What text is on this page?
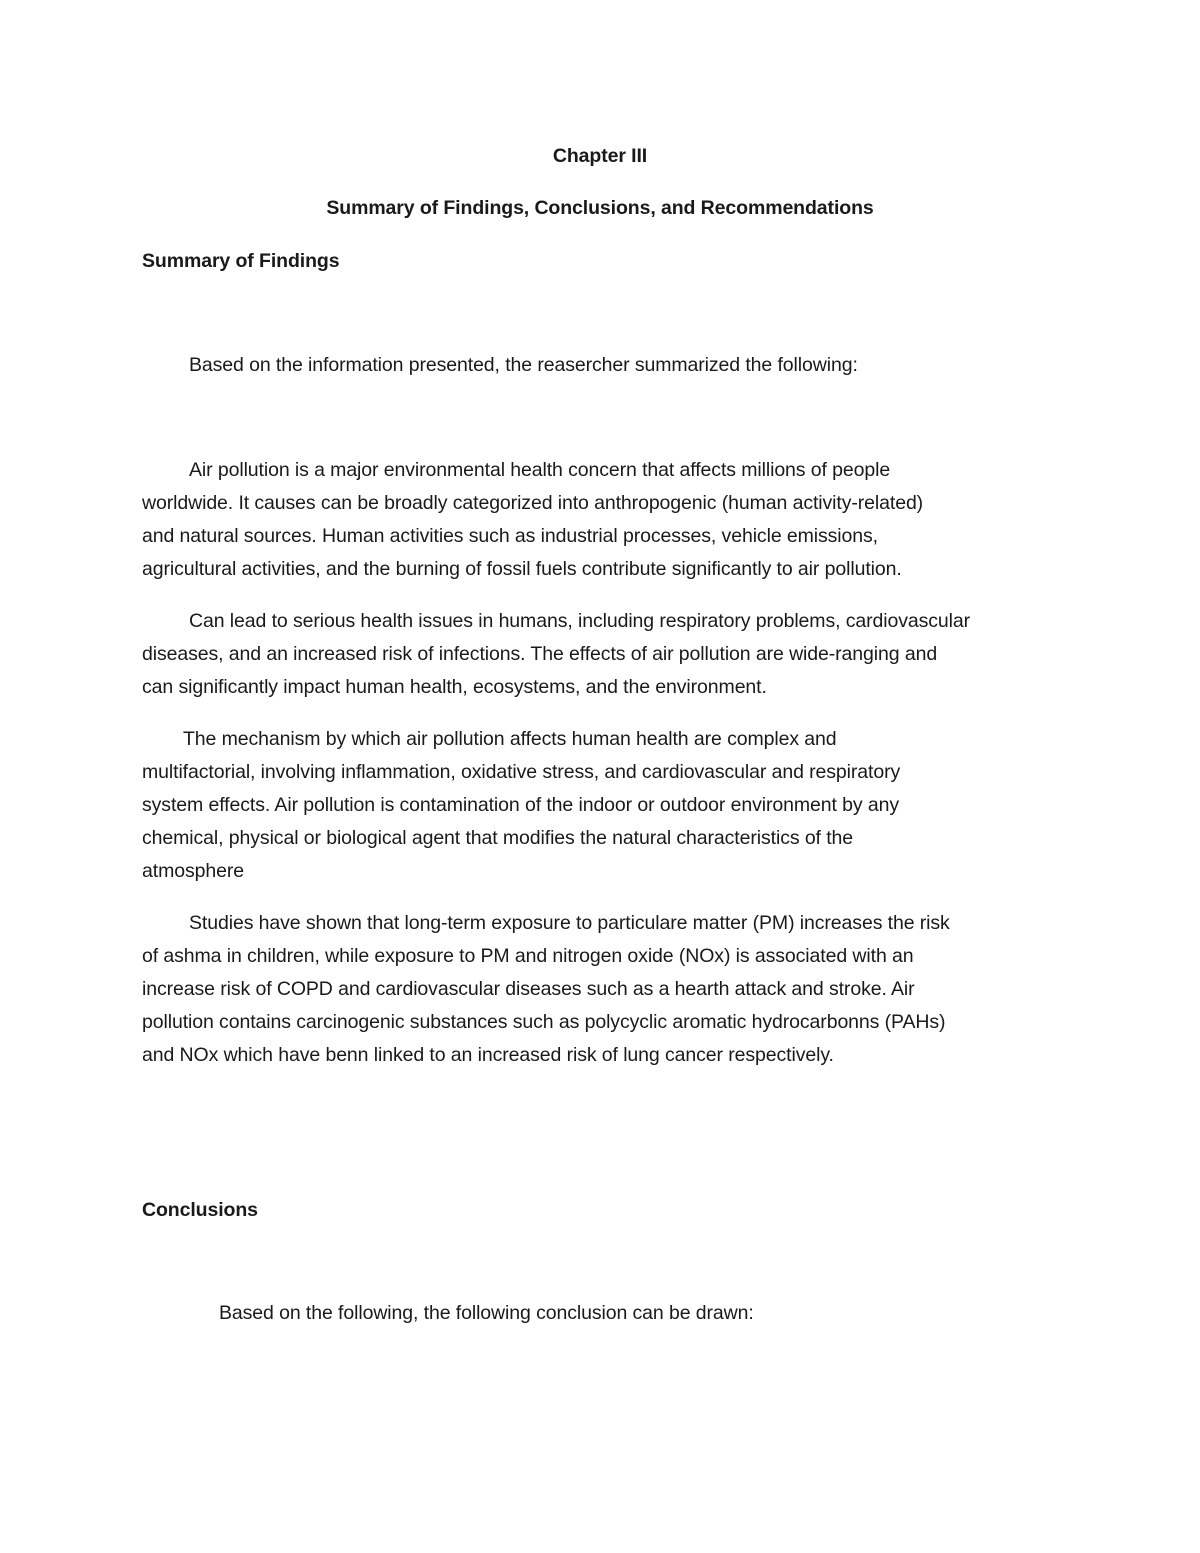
Chapter III
Summary of Findings, Conclusions, and Recommendations
Summary of Findings
Based on the information presented, the reasercher summarized the following:
Air pollution is a major environmental health concern that affects millions of people
worldwide. It causes can be broadly categorized into anthropogenic (human activity-related)
and natural sources. Human activities such as industrial processes, vehicle emissions,
agricultural activities, and the burning of fossil fuels contribute significantly to air pollution.
Can lead to serious health issues in humans, including respiratory problems, cardiovascular
diseases, and an increased risk of infections. The effects of air pollution are wide-ranging and
can significantly impact human health, ecosystems, and the environment.
The mechanism by which air pollution affects human health are complex and
multifactorial, involving inflammation, oxidative stress, and cardiovascular and respiratory
system effects. Air pollution is contamination of the indoor or outdoor environment by any
chemical, physical or biological agent that modifies the natural characteristics of the
atmosphere
Studies have shown that long-term exposure to particulare matter (PM) increases the risk
of ashma in children, while exposure to PM and nitrogen oxide (NOx) is associated with an
increase risk of COPD and cardiovascular diseases such as a hearth attack and stroke. Air
pollution contains carcinogenic substances such as polycyclic aromatic hydrocarbonns (PAHs)
and NOx which have benn linked to an increased risk of lung cancer respectively.
Conclusions
Based on the following, the following conclusion can be drawn:
